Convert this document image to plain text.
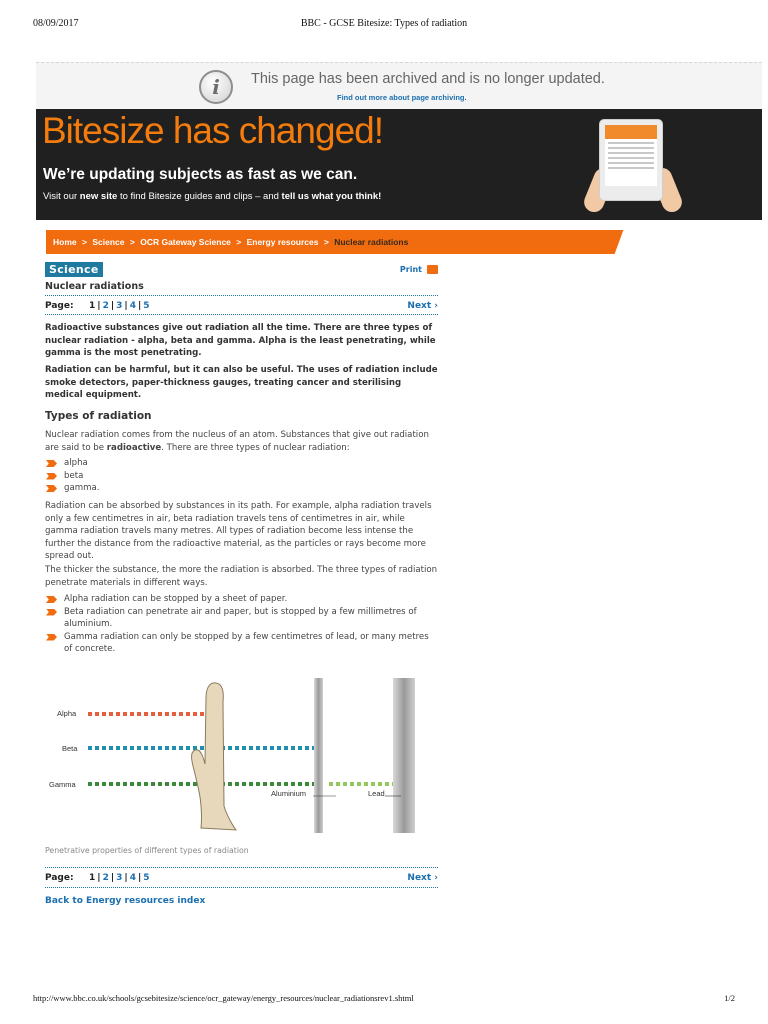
08/09/2017	BBC - GCSE Bitesize: Types of radiation
i	This page has been archived and is no longer updated.
Find out more about page archiving.
Bitesize has changed!
We’re updating subjects as fast as we can.
Visit our new site to find Bitesize guides and clips – and tell us what you think!
Home > Science > OCR Gateway Science > Energy resources > Nuclear radiations
Science	Print
Nuclear radiations
Page: 1 | 2 | 3 | 4 | 5	Next ›
Radioactive substances give out radiation all the time. There are three types of nuclear radiation - alpha, beta and gamma. Alpha is the least penetrating, while gamma is the most penetrating.
Radiation can be harmful, but it can also be useful. The uses of radiation include smoke detectors, paper-thickness gauges, treating cancer and sterilising medical equipment.
Types of radiation
Nuclear radiation comes from the nucleus of an atom. Substances that give out radiation are said to be radioactive. There are three types of nuclear radiation:
alpha
beta
gamma.
Radiation can be absorbed by substances in its path. For example, alpha radiation travels only a few centimetres in air, beta radiation travels tens of centimetres in air, while gamma radiation travels many metres. All types of radiation become less intense the further the distance from the radioactive material, as the particles or rays become more spread out.
The thicker the substance, the more the radiation is absorbed. The three types of radiation penetrate materials in different ways.
Alpha radiation can be stopped by a sheet of paper.
Beta radiation can penetrate air and paper, but is stopped by a few millimetres of aluminium.
Gamma radiation can only be stopped by a few centimetres of lead, or many metres of concrete.
Alpha
Beta
Gamma
Aluminium	Lead
Penetrative properties of different types of radiation
Page: 1 | 2 | 3 | 4 | 5	Next ›
Back to Energy resources index
http://www.bbc.co.uk/schools/gcsebitesize/science/ocr_gateway/energy_resources/nuclear_radiationsrev1.shtml	1/2
